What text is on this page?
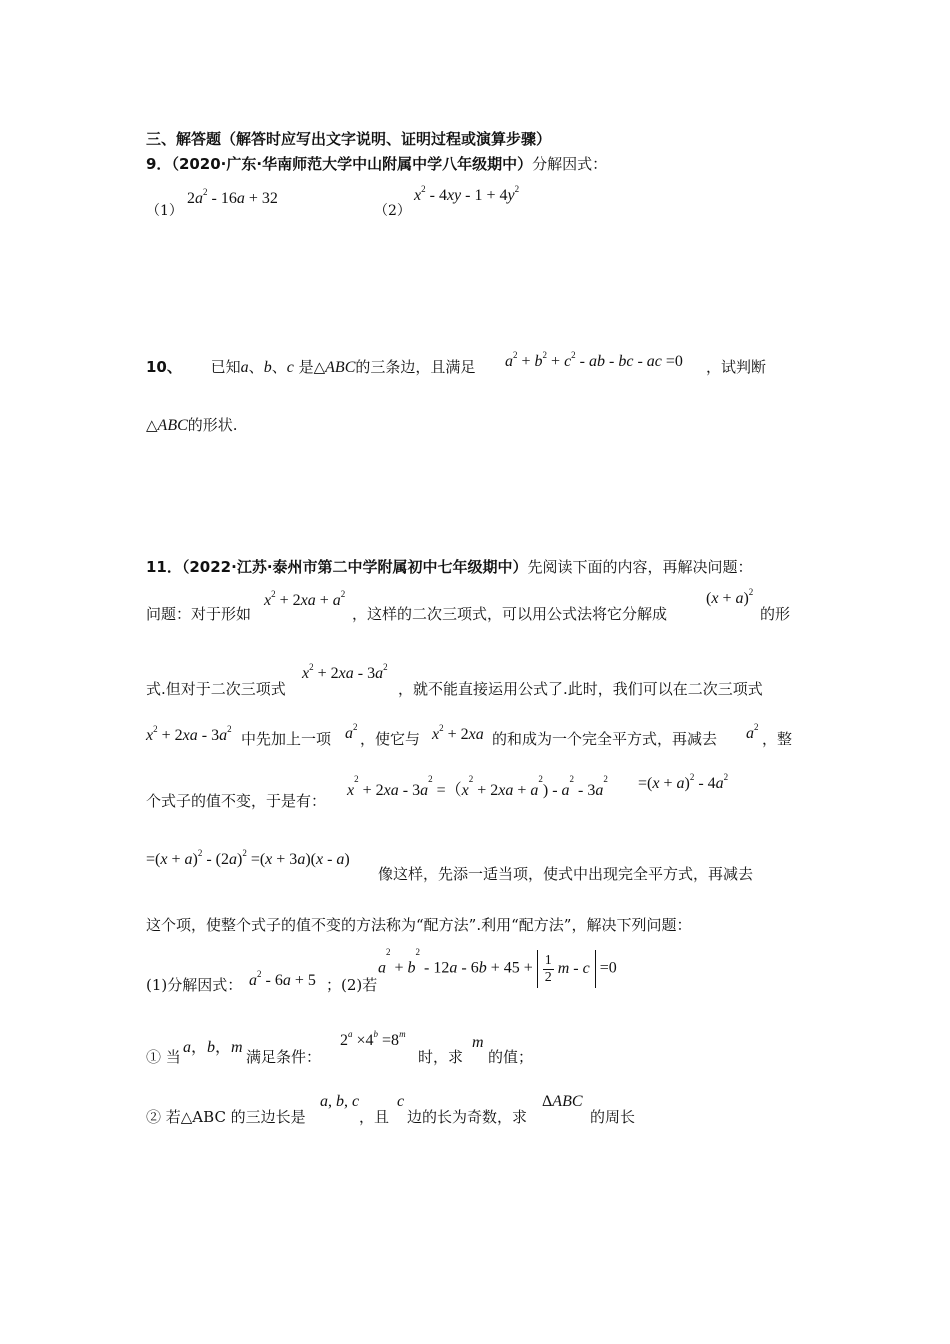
三、解答题（解答时应写出文字说明、证明过程或演算步骤）
9．（2020·广东·华南师范大学中山附属中学八年级期中）分解因式：
（1）
$2a^2 - 16a + 32$
（2）
$x^2 - 4xy - 1 + 4y^2$
10、 已知a、b、c 是△ABC的三条边，且满足 $a^2 + b^2 + c^2$ - ab - bc - ac =0 ，试判断
△ABC的形状.
11．（2022·江苏·泰州市第二中学附属初中七年级期中）先阅读下面的内容，再解决问题：
问题：对于形如
$x^2 + 2xa + a^2$
，这样的二次三项式，可以用公式法将它分解成
$(x + a)^2$
的形
式.但对于二次三项式
$x^2 + 2xa - 3a^2$
，就不能直接运用公式了.此时，我们可以在二次三项式
$x^2 + 2xa - 3a^2$
中先加上一项 $a^2$
，使它与 $x^2 + 2xa$ 的和成为一个完全平方式，再减去 $a^2$
，整
个式子的值不变，于是有：
$x^2 + 2xa - 3a^2 =(x^2 + 2xa + a^2) - a^2 - 3a^2 =(x + a)^2 - 4a^2$
$=(x + a)^2 - (2a)^2 =(x + 3a)(x - a)$
像这样，先添一适当项，使式中出现完全平方式，再减去
这个项，使整个式子的值不变的方法称为“配方法”.利用“配方法”，解决下列问题：
(1)分解因式： $a^2 - 6a + 5$ ；(2)若
$a^2 + b^2 - 12a - 6b + 45 + \frac{1}{2}$ m - c =0
① 当
a，b，m
满足条件：
$2^a \times 4^b =8^m$
时，求
m
的值；
② 若△ABC 的三边长是
a, b, c
，且
c
边的长为奇数，求
ΔABC
的周长
